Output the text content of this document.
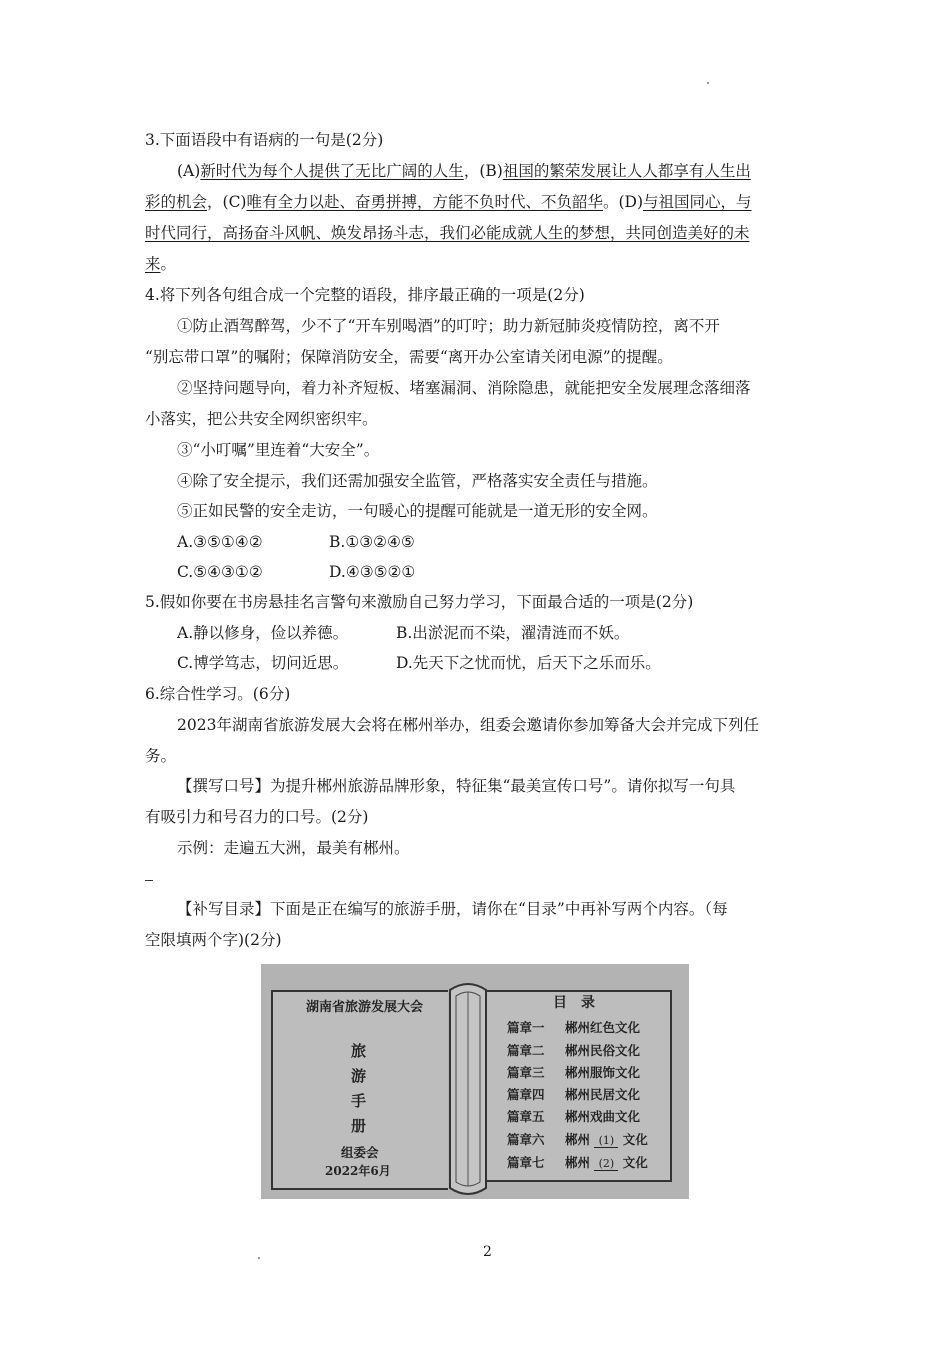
3.下面语段中有语病的一句是(2分)
(A)新时代为每个人提供了无比广阔的人生，(B)祖国的繁荣发展让人人都享有人生出
彩的机会，(C)唯有全力以赴、奋勇拼搏，方能不负时代、不负韶华。(D)与祖国同心，与
时代同行，高扬奋斗风帆、焕发昂扬斗志，我们必能成就人生的梦想，共同创造美好的未
来。
4.将下列各句组合成一个完整的语段，排序最正确的一项是(2分)
①防止酒驾醉驾，少不了“开车别喝酒”的叮咛；助力新冠肺炎疫情防控，离不开
“别忘带口罩”的嘱附；保障消防安全，需要“离开办公室请关闭电源”的提醒。
②坚持问题导向，着力补齐短板、堵塞漏洞、消除隐患，就能把安全发展理念落细落
小落实，把公共安全网织密织牢。
③“小叮嘱”里连着“大安全”。
④除了安全提示，我们还需加强安全监管，严格落实安全责任与措施。
⑤正如民警的安全走访，一句暖心的提醒可能就是一道无形的安全网。
A.③⑤①④②	B.①③②④⑤
C.⑤④③①②	D.④③⑤②①
5.假如你要在书房悬挂名言警句来激励自己努力学习，下面最合适的一项是(2分)
A.静以修身，俭以养德。	B.出淤泥而不染，濯清涟而不妖。
C.博学笃志，切问近思。	D.先天下之忧而忧，后天下之乐而乐。
6.综合性学习。(6分)
2023年湖南省旅游发展大会将在郴州举办，组委会邀请你参加筹备大会并完成下列任
务。
【撰写口号】为提升郴州旅游品牌形象，特征集“最美宣传口号”。请你拟写一句具
有吸引力和号召力的口号。(2分)
示例：走遍五大洲，最美有郴州。
【补写目录】下面是正在编写的旅游手册，请你在“目录”中再补写两个内容。（每
空限填两个字)(2分)
湖南省旅游发展大会
旅
游
手
册
组委会
2022年6月
目　录
篇章一 郴州红色文化
篇章二 郴州民俗文化
篇章三 郴州服饰文化
篇章四 郴州民居文化
篇章五 郴州戏曲文化
篇章六 郴州 (1) 文化
篇章七 郴州 (2) 文化
2
